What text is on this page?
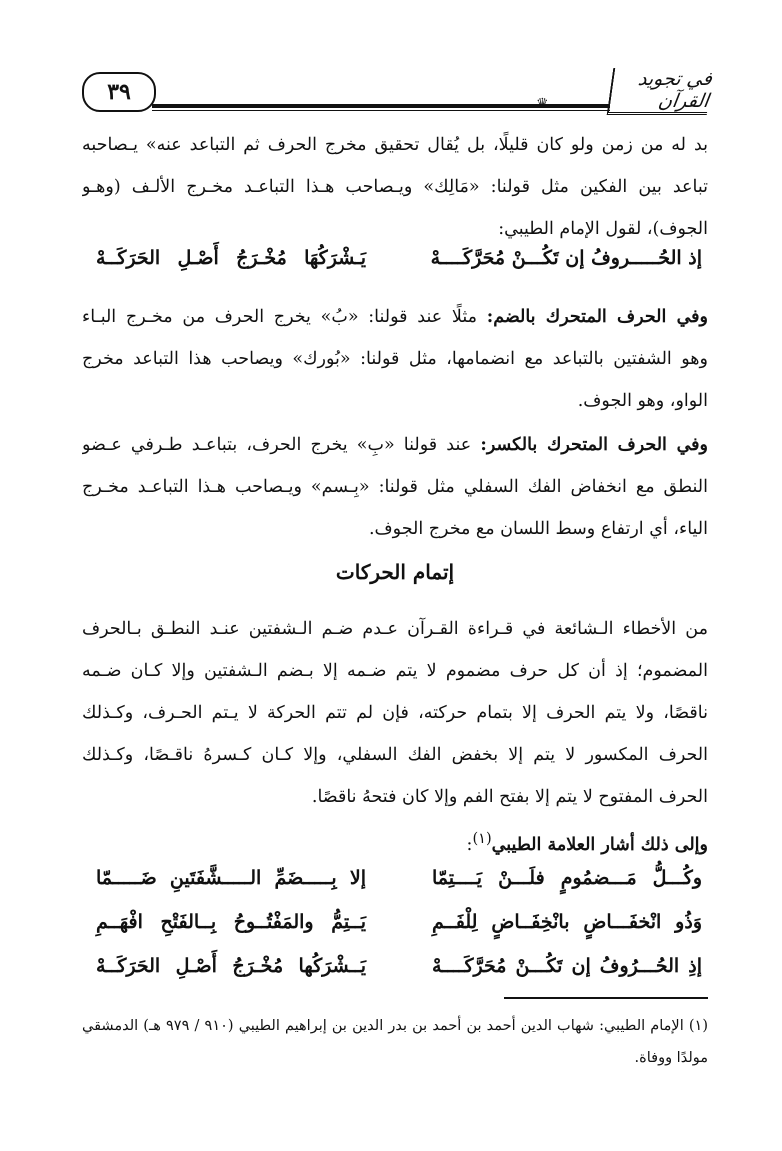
٣٩	♛
في تجويد القرآن
بد له من زمن ولو كان قليلًا، بل يُقال تحقيق مخرج الحرف ثم التباعد عنه» يـصاحبه
تباعد بين الفكين مثل قولنا: «مَالِك» ويـصاحب هـذا التباعـد مخـرج الألـف (وهـو
الجوف)، لقول الإمام الطيبي:
إذ الحُـــــروفُ إن تَكُـــنْ مُحَرَّكَــــهْ
يَـشْرَكُهَا مُخْـرَجُ أَصْـلِ الحَرَكَــهْ
وفي الحرف المتحرك بالضم: مثلًا عند قولنا: «بُ» يخرج الحرف من مخـرج البـاء
وهو الشفتين بالتباعد مع انضمامها، مثل قولنا: «بُورك» ويصاحب هذا التباعد مخرج
الواو، وهو الجوف.
وفي الحرف المتحرك بالكسر: عند قولنا «بِ» يخرج الحرف، بتباعـد طـرفي عـضو
النطق مع انخفاض الفك السفلي مثل قولنا: «بِـسم» ويـصاحب هـذا التباعـد مخـرج
الياء، أي ارتفاع وسط اللسان مع مخرج الجوف.
إتمام الحركات
من الأخطاء الـشائعة في قـراءة القـرآن عـدم ضـم الـشفتين عنـد النطـق بـالحرف
المضموم؛ إذ أن كل حرف مضموم لا يتم ضـمه إلا بـضم الـشفتين وإلا كـان ضـمه
ناقصًا، ولا يتم الحرف إلا بتمام حركته، فإن لم تتم الحركة لا يـتم الحـرف، وكـذلك
الحرف المكسور لا يتم إلا بخفض الفك السفلي، وإلا كـان كـسرهُ ناقـصًا، وكـذلك
الحرف المفتوح لا يتم إلا بفتح الفم وإلا كان فتحهُ ناقصًا.
وإلى ذلك أشار العلامة الطيبي$^{(١)}$:
وكُـــلُّ مَـــضمُومٍ فلَـــنْ يَــــتِمّا
إلا بِـــــضَمِّ الـــــشَّفَتَينِ ضَـــــمّا
وَذُو انْخفَـــاضٍ بانْخِفَــاضٍ لِلْفَــمِ
يَــتِمُّ والمَفْتُــوحُ بِــالفَتْحِ افْهَــمِ
إذِ الحُـــرُوفُ إن تَكُـــنْ مُحَرَّكَــــهْ
يَــشْرَكُها مُخْـرَجُ أَصْـلِ الحَرَكَــهْ
(١) الإمام الطيبي: شهاب الدين أحمد بن أحمد بن بدر الدين بن إبراهيم الطيبي (٩١٠ / ٩٧٩ هـ) الدمشقي
مولدًا ووفاة.
